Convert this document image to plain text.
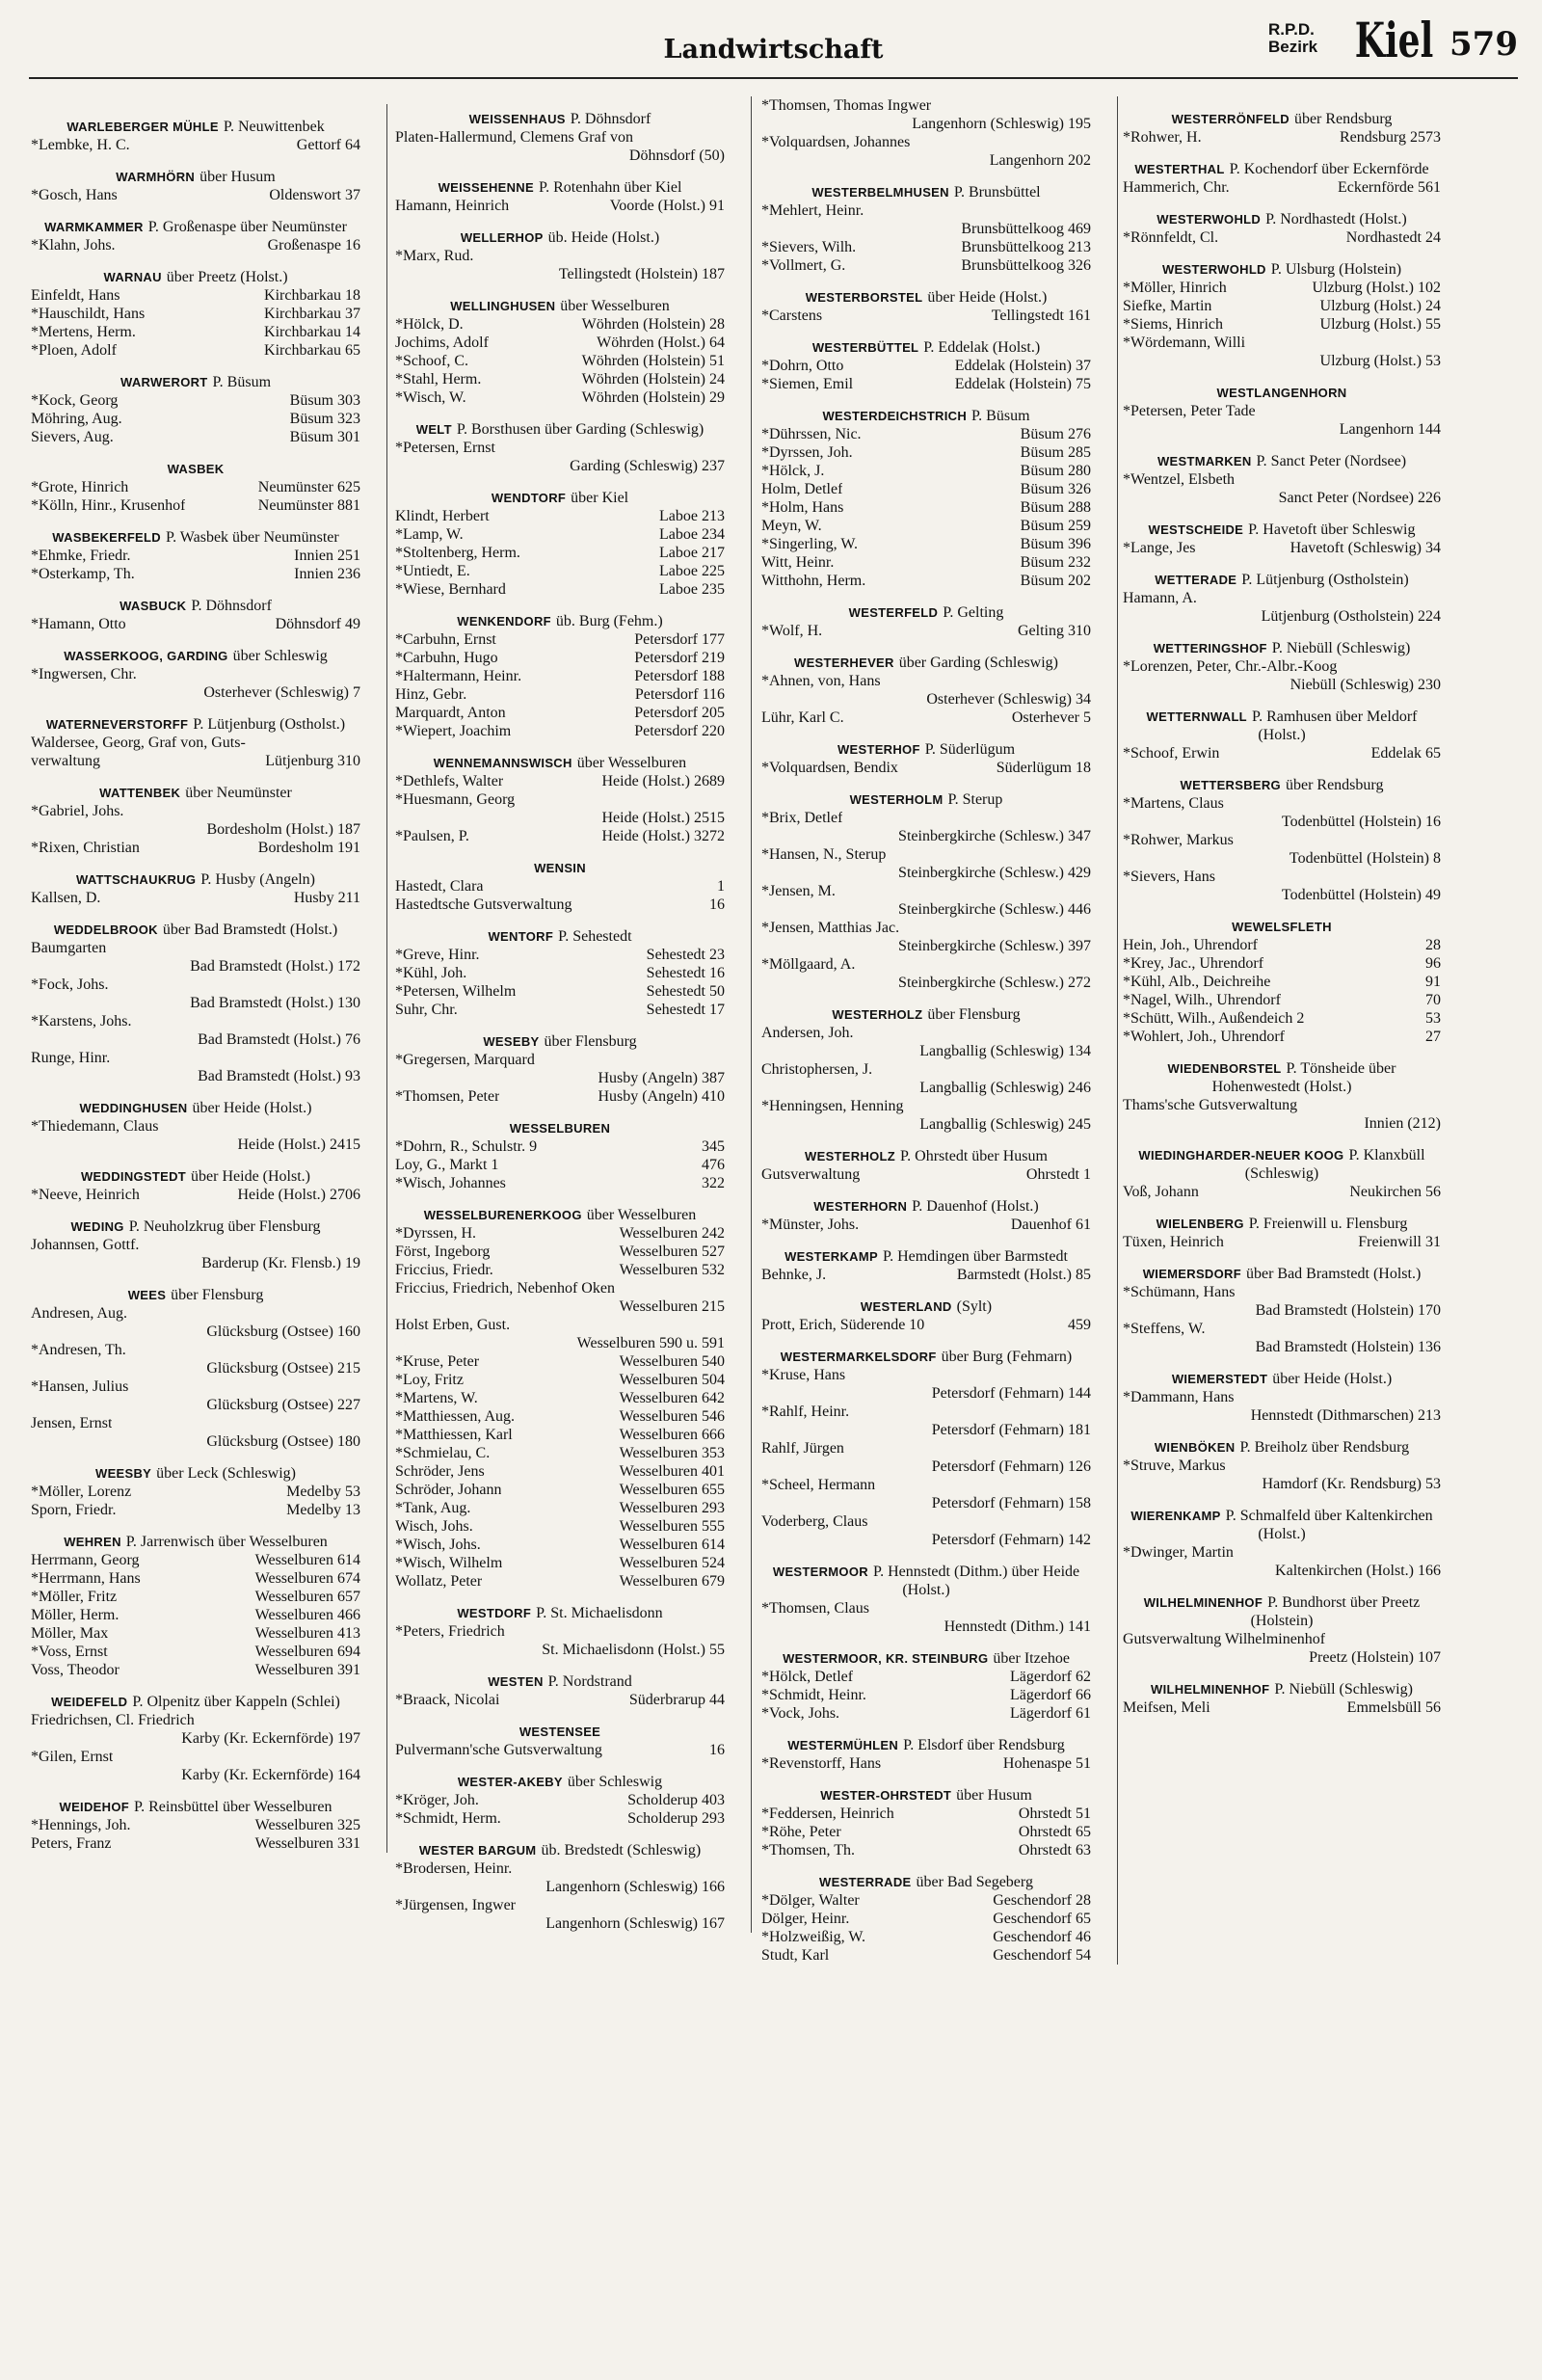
Landwirtschaft
R.P.D.
Bezirk Kiel 579
WARLEBERGER MÜHLE P. Neuwittenbek
*Lembke, H. C.	Gettorf 64
WARMHÖRN über Husum
*Gosch, Hans	Oldenswort 37
WARMKAMMER P. Großenaspe über Neumünster
*Klahn, Johs.	Großenaspe 16
WARNAU über Preetz (Holst.)
Einfeldt, Hans	Kirchbarkau 18
*Hauschildt, Hans	Kirchbarkau 37
*Mertens, Herm.	Kirchbarkau 14
*Ploen, Adolf	Kirchbarkau 65
WARWERORT P. Büsum
*Kock, Georg	Büsum 303
Möhring, Aug.	Büsum 323
Sievers, Aug.	Büsum 301
WASBEK
*Grote, Hinrich	Neumünster 625
*Kölln, Hinr., Krusenhof	Neumünster 881
WASBEKERFELD P. Wasbek über Neumünster
*Ehmke, Friedr.	Innien 251
*Osterkamp, Th.	Innien 236
WASBUCK P. Döhnsdorf
*Hamann, Otto	Döhnsdorf 49
WASSERKOOG, GARDING über Schleswig
*Ingwersen, Chr.
Osterhever (Schleswig) 7
WATERNEVERSTORFF P. Lütjenburg (Ostholst.)
Waldersee, Georg, Graf von, Guts-
verwaltung	Lütjenburg 310
WATTENBEK über Neumünster
*Gabriel, Johs.
Bordesholm (Holst.) 187
*Rixen, Christian	Bordesholm 191
WATTSCHAUKRUG P. Husby (Angeln)
Kallsen, D.	Husby 211
WEDDELBROOK über Bad Bramstedt (Holst.)
Baumgarten
Bad Bramstedt (Holst.) 172
*Fock, Johs.
Bad Bramstedt (Holst.) 130
*Karstens, Johs.
Bad Bramstedt (Holst.) 76
Runge, Hinr.
Bad Bramstedt (Holst.) 93
WEDDINGHUSEN über Heide (Holst.)
*Thiedemann, Claus
Heide (Holst.) 2415
WEDDINGSTEDT über Heide (Holst.)
*Neeve, Heinrich	Heide (Holst.) 2706
WEDING P. Neuholzkrug über Flensburg
Johannsen, Gottf.
Barderup (Kr. Flensb.) 19
WEES über Flensburg
Andresen, Aug.
Glücksburg (Ostsee) 160
*Andresen, Th.
Glücksburg (Ostsee) 215
*Hansen, Julius
Glücksburg (Ostsee) 227
Jensen, Ernst
Glücksburg (Ostsee) 180
WEESBY über Leck (Schleswig)
*Möller, Lorenz	Medelby 53
Sporn, Friedr.	Medelby 13
WEHREN P. Jarrenwisch über Wesselburen
Herrmann, Georg	Wesselburen 614
*Herrmann, Hans	Wesselburen 674
*Möller, Fritz	Wesselburen 657
Möller, Herm.	Wesselburen 466
Möller, Max	Wesselburen 413
*Voss, Ernst	Wesselburen 694
Voss, Theodor	Wesselburen 391
WEIDEFELD P. Olpenitz über Kappeln (Schlei)
Friedrichsen, Cl. Friedrich
Karby (Kr. Eckernförde) 197
*Gilen, Ernst
Karby (Kr. Eckernförde) 164
WEIDEHOF P. Reinsbüttel über Wesselburen
*Hennings, Joh.	Wesselburen 325
Peters, Franz	Wesselburen 331
WEISSENHAUS P. Döhnsdorf
Platen-Hallermund, Clemens Graf von
Döhnsdorf (50)
WEISSEHENNE P. Rotenhahn über Kiel
Hamann, Heinrich	Voorde (Holst.) 91
WELLERHOP üb. Heide (Holst.)
*Marx, Rud.
Tellingstedt (Holstein) 187
WELLINGHUSEN über Wesselburen
*Hölck, D.	Wöhrden (Holstein) 28
Jochims, Adolf	Wöhrden (Holst.) 64
*Schoof, C.	Wöhrden (Holstein) 51
*Stahl, Herm.	Wöhrden (Holstein) 24
*Wisch, W.	Wöhrden (Holstein) 29
WELT P. Borsthusen über Garding (Schleswig)
*Petersen, Ernst
Garding (Schleswig) 237
WENDTORF über Kiel
Klindt, Herbert	Laboe 213
*Lamp, W.	Laboe 234
*Stoltenberg, Herm.	Laboe 217
*Untiedt, E.	Laboe 225
*Wiese, Bernhard	Laboe 235
WENKENDORF üb. Burg (Fehm.)
*Carbuhn, Ernst	Petersdorf 177
*Carbuhn, Hugo	Petersdorf 219
*Haltermann, Heinr.	Petersdorf 188
Hinz, Gebr.	Petersdorf 116
Marquardt, Anton	Petersdorf 205
*Wiepert, Joachim	Petersdorf 220
WENNEMANNSWISCH über Wesselburen
*Dethlefs, Walter	Heide (Holst.) 2689
*Huesmann, Georg
Heide (Holst.) 2515
*Paulsen, P.	Heide (Holst.) 3272
WENSIN
Hastedt, Clara	1
Hastedtsche Gutsverwaltung	16
WENTORF P. Sehestedt
*Greve, Hinr.	Sehestedt 23
*Kühl, Joh.	Sehestedt 16
*Petersen, Wilhelm	Sehestedt 50
Suhr, Chr.	Sehestedt 17
WESEBY über Flensburg
*Gregersen, Marquard
Husby (Angeln) 387
*Thomsen, Peter	Husby (Angeln) 410
WESSELBUREN
*Dohrn, R., Schulstr. 9	345
Loy, G., Markt 1	476
*Wisch, Johannes	322
WESSELBURENERKOOG über Wesselburen
*Dyrssen, H.	Wesselburen 242
Först, Ingeborg	Wesselburen 527
Friccius, Friedr.	Wesselburen 532
Friccius, Friedrich, Nebenhof Oken
Wesselburen 215
Holst Erben, Gust.
Wesselburen 590 u. 591
*Kruse, Peter	Wesselburen 540
*Loy, Fritz	Wesselburen 504
*Martens, W.	Wesselburen 642
*Matthiessen, Aug.	Wesselburen 546
*Matthiessen, Karl	Wesselburen 666
*Schmielau, C.	Wesselburen 353
Schröder, Jens	Wesselburen 401
Schröder, Johann	Wesselburen 655
*Tank, Aug.	Wesselburen 293
Wisch, Johs.	Wesselburen 555
*Wisch, Johs.	Wesselburen 614
*Wisch, Wilhelm	Wesselburen 524
Wollatz, Peter	Wesselburen 679
WESTDORF P. St. Michaelisdonn
*Peters, Friedrich
St. Michaelisdonn (Holst.) 55
WESTEN P. Nordstrand
*Braack, Nicolai	Süderbrarup 44
WESTENSEE
Pulvermann'sche Gutsverwaltung	16
WESTER-AKEBY über Schleswig
*Kröger, Joh.	Scholderup 403
*Schmidt, Herm.	Scholderup 293
WESTER BARGUM üb. Bredstedt (Schleswig)
*Brodersen, Heinr.
Langenhorn (Schleswig) 166
*Jürgensen, Ingwer
Langenhorn (Schleswig) 167
*Thomsen, Thomas Ingwer
Langenhorn (Schleswig) 195
*Volquardsen, Johannes
Langenhorn 202
WESTERBELMHUSEN P. Brunsbüttel
*Mehlert, Heinr.
Brunsbüttelkoog 469
*Sievers, Wilh.	Brunsbüttelkoog 213
*Vollmert, G.	Brunsbüttelkoog 326
WESTERBORSTEL über Heide (Holst.)
*Carstens	Tellingstedt 161
WESTERBÜTTEL P. Eddelak (Holst.)
*Dohrn, Otto	Eddelak (Holstein) 37
*Siemen, Emil	Eddelak (Holstein) 75
WESTERDEICHSTRICH P. Büsum
*Dührssen, Nic.	Büsum 276
*Dyrssen, Joh.	Büsum 285
*Hölck, J.	Büsum 280
Holm, Detlef	Büsum 326
*Holm, Hans	Büsum 288
Meyn, W.	Büsum 259
*Singerling, W.	Büsum 396
Witt, Heinr.	Büsum 232
Witthohn, Herm.	Büsum 202
WESTERFELD P. Gelting
*Wolf, H.	Gelting 310
WESTERHEVER über Garding (Schleswig)
*Ahnen, von, Hans
Osterhever (Schleswig) 34
Lühr, Karl C.	Osterhever 5
WESTERHOF P. Süderlügum
*Volquardsen, Bendix	Süderlügum 18
WESTERHOLM P. Sterup
*Brix, Detlef
Steinbergkirche (Schlesw.) 347
*Hansen, N., Sterup
Steinbergkirche (Schlesw.) 429
*Jensen, M.
Steinbergkirche (Schlesw.) 446
*Jensen, Matthias Jac.
Steinbergkirche (Schlesw.) 397
*Möllgaard, A.
Steinbergkirche (Schlesw.) 272
WESTERHOLZ über Flensburg
Andersen, Joh.
Langballig (Schleswig) 134
Christophersen, J.
Langballig (Schleswig) 246
*Henningsen, Henning
Langballig (Schleswig) 245
WESTERHOLZ P. Ohrstedt über Husum
Gutsverwaltung	Ohrstedt 1
WESTERHORN P. Dauenhof (Holst.)
*Münster, Johs.	Dauenhof 61
WESTERKAMP P. Hemdingen über Barmstedt
Behnke, J.	Barmstedt (Holst.) 85
WESTERLAND (Sylt)
Prott, Erich, Süderende 10	459
WESTERMARKELSDORF über Burg (Fehmarn)
*Kruse, Hans
Petersdorf (Fehmarn) 144
*Rahlf, Heinr.
Petersdorf (Fehmarn) 181
Rahlf, Jürgen
Petersdorf (Fehmarn) 126
*Scheel, Hermann
Petersdorf (Fehmarn) 158
Voderberg, Claus
Petersdorf (Fehmarn) 142
WESTERMOOR P. Hennstedt (Dithm.) über Heide (Holst.)
*Thomsen, Claus
Hennstedt (Dithm.) 141
WESTERMOOR, KR. STEINBURG über Itzehoe
*Hölck, Detlef	Lägerdorf 62
*Schmidt, Heinr.	Lägerdorf 66
*Vock, Johs.	Lägerdorf 61
WESTERMÜHLEN P. Elsdorf über Rendsburg
*Revenstorff, Hans	Hohenaspe 51
WESTER-OHRSTEDT über Husum
*Feddersen, Heinrich	Ohrstedt 51
*Röhe, Peter	Ohrstedt 65
*Thomsen, Th.	Ohrstedt 63
WESTERRADE über Bad Segeberg
*Dölger, Walter	Geschendorf 28
Dölger, Heinr.	Geschendorf 65
*Holzweißig, W.	Geschendorf 46
Studt, Karl	Geschendorf 54
WESTERRÖNFELD über Rendsburg
*Rohwer, H.	Rendsburg 2573
WESTERTHAL P. Kochendorf über Eckernförde
Hammerich, Chr.	Eckernförde 561
WESTERWOHLD P. Nordhastedt (Holst.)
*Rönnfeldt, Cl.	Nordhastedt 24
WESTERWOHLD P. Ulsburg (Holstein)
*Möller, Hinrich	Ulzburg (Holst.) 102
Siefke, Martin	Ulzburg (Holst.) 24
*Siems, Hinrich	Ulzburg (Holst.) 55
*Wördemann, Willi
Ulzburg (Holst.) 53
WESTLANGENHORN
*Petersen, Peter Tade
Langenhorn 144
WESTMARKEN P. Sanct Peter (Nordsee)
*Wentzel, Elsbeth
Sanct Peter (Nordsee) 226
WESTSCHEIDE P. Havetoft über Schleswig
*Lange, Jes	Havetoft (Schleswig) 34
WETTERADE P. Lütjenburg (Ostholstein)
Hamann, A.
Lütjenburg (Ostholstein) 224
WETTERINGSHOF P. Niebüll (Schleswig)
*Lorenzen, Peter, Chr.-Albr.-Koog
Niebüll (Schleswig) 230
WETTERNWALL P. Ramhusen über Meldorf (Holst.)
*Schoof, Erwin	Eddelak 65
WETTERSBERG über Rendsburg
*Martens, Claus
Todenbüttel (Holstein) 16
*Rohwer, Markus
Todenbüttel (Holstein) 8
*Sievers, Hans
Todenbüttel (Holstein) 49
WEWELSFLETH
Hein, Joh., Uhrendorf	28
*Krey, Jac., Uhrendorf	96
*Kühl, Alb., Deichreihe	91
*Nagel, Wilh., Uhrendorf	70
*Schütt, Wilh., Außendeich 2	53
*Wohlert, Joh., Uhrendorf	27
WIEDENBORSTEL P. Tönsheide über Hohenwestedt (Holst.)
Thams'sche Gutsverwaltung
Innien (212)
WIEDINGHARDER-NEUER KOOG P. Klanxbüll (Schleswig)
Voß, Johann	Neukirchen 56
WIELENBERG P. Freienwill u. Flensburg
Tüxen, Heinrich	Freienwill 31
WIEMERSDORF über Bad Bramstedt (Holst.)
*Schümann, Hans
Bad Bramstedt (Holstein) 170
*Steffens, W.
Bad Bramstedt (Holstein) 136
WIEMERSTEDT über Heide (Holst.)
*Dammann, Hans
Hennstedt (Dithmarschen) 213
WIENBÖKEN P. Breiholz über Rendsburg
*Struve, Markus
Hamdorf (Kr. Rendsburg) 53
WIERENKAMP P. Schmalfeld über Kaltenkirchen (Holst.)
*Dwinger, Martin
Kaltenkirchen (Holst.) 166
WILHELMINENHOF P. Bundhorst über Preetz (Holstein)
Gutsverwaltung Wilhelminenhof
Preetz (Holstein) 107
WILHELMINENHOF P. Niebüll (Schleswig)
Meifsen, Meli	Emmelsbüll 56
